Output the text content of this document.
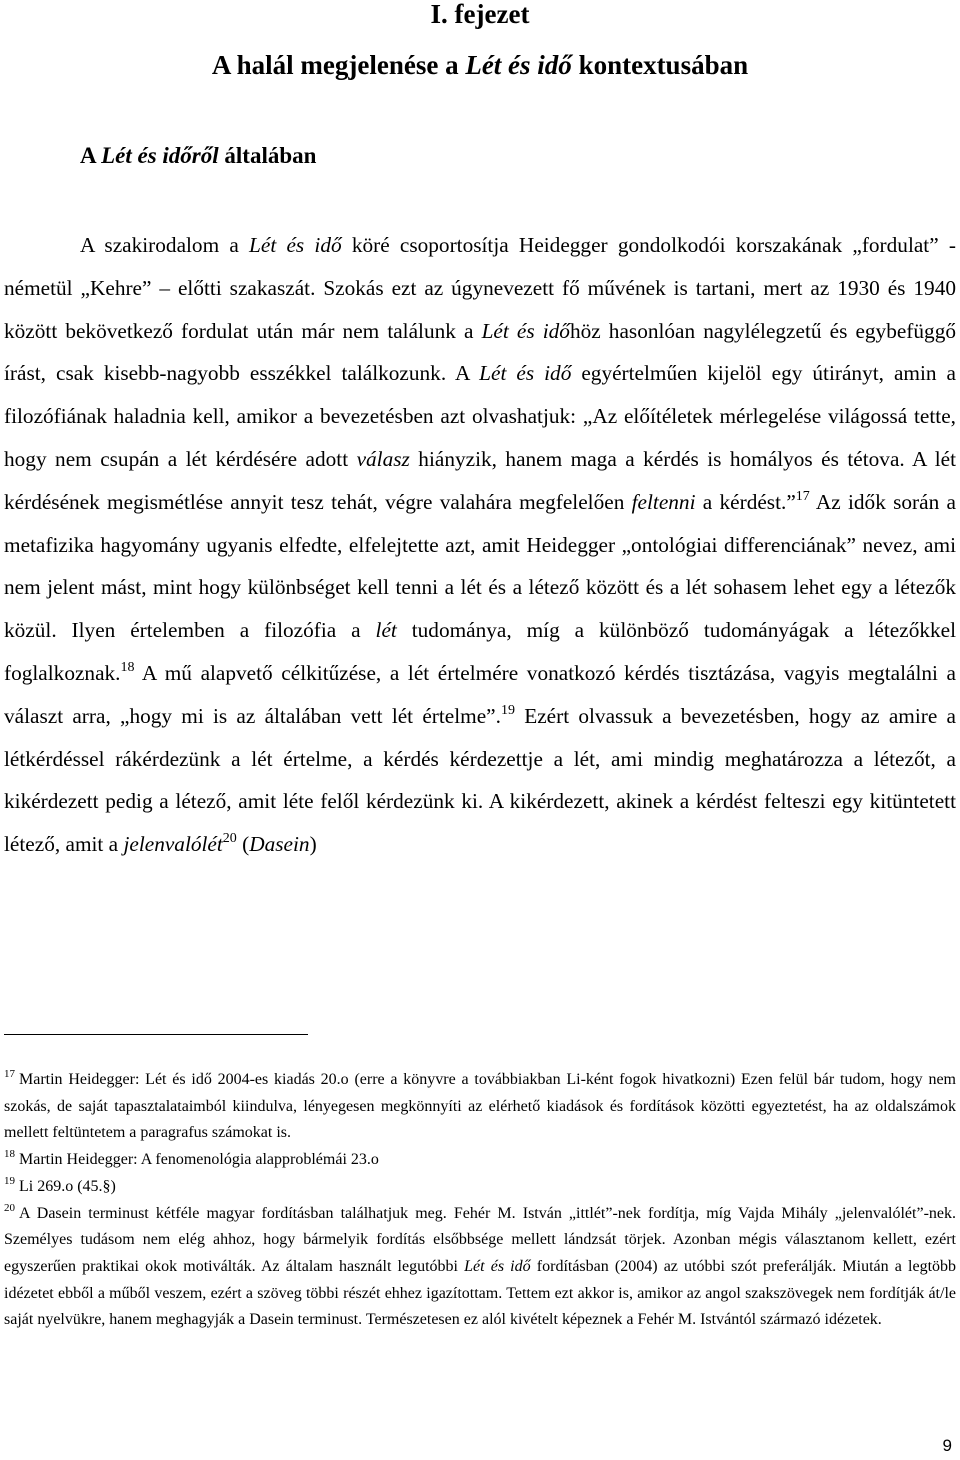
I. fejezet
A halál megjelenése a Lét és idő kontextusában
A Lét és időről általában

A szakirodalom a Lét és idő köré csoportosítja Heidegger gondolkodói korszakának „fordulat” - németül „Kehre” – előtti szakaszát. Szokás ezt az úgynevezett fő művének is tartani, mert az 1930 és 1940 között bekövetkező fordulat után már nem találunk a Lét és időhöz hasonlóan nagylélegzetű és egybefüggő írást, csak kisebb-nagyobb esszékkel találkozunk. A Lét és idő egyértelműen kijelöl egy útirányt, amin a filozófiának haladnia kell, amikor a bevezetésben azt olvashatjuk: „Az előítéletek mérlegelése világossá tette, hogy nem csupán a lét kérdésére adott válasz hiányzik, hanem maga a kérdés is homályos és tétova. A lét kérdésének megismétlése annyit tesz tehát, végre valahára megfelelően feltenni a kérdést.”$^{17}$ Az idők során a metafizika hagyomány ugyanis elfedte, elfelejtette azt, amit Heidegger „ontológiai differenciának” nevez, ami nem jelent mást, mint hogy különbséget kell tenni a lét és a létező között és a lét sohasem lehet egy a létezők közül. Ilyen értelemben a filozófia a lét tudománya, míg a különböző tudományágak a létezőkkel foglalkoznak.$^{18}$ A mű alapvető célkitűzése, a lét értelmére vonatkozó kérdés tisztázása, vagyis megtalálni a választ arra, „hogy mi is az általában vett lét értelme”.$^{19}$ Ezért olvassuk a bevezetésben, hogy az amire a létkérdéssel rákérdezünk a lét értelme, a kérdés kérdezettje a lét, ami mindig meghatározza a létezőt, a kikérdezett pedig a létező, amit léte felől kérdezünk ki. A kikérdezett, akinek a kérdést felteszi egy kitüntetett létező, amit a jelenvalólét$^{20}$ (Dasein)

$^{17}$ Martin Heidegger: Lét és idő 2004-es kiadás 20.o (erre a könyvre a továbbiakban Li-ként fogok hivatkozni) Ezen felül bár tudom, hogy nem szokás, de saját tapasztalataimból kiindulva, lényegesen megkönnyíti az elérhető kiadások és fordítások közötti egyeztetést, ha az oldalszámok mellett feltüntetem a paragrafus számokat is.

$^{18}$ Martin Heidegger: A fenomenológia alapproblémái 23.o

$^{19}$ Li 269.o (45.§)

$^{20}$ A Dasein terminust kétféle magyar fordításban találhatjuk meg. Fehér M. István „ittlét”-nek fordítja, míg Vajda Mihály „jelenvalólét”-nek. Személyes tudásom nem elég ahhoz, hogy bármelyik fordítás elsőbbsége mellett lándzsát törjek. Azonban mégis választanom kellett, ezért egyszerűen praktikai okok motiválták. Az általam használt legutóbbi Lét és idő fordításban (2004) az utóbbi szót preferálják. Miután a legtöbb idézetet ebből a műből veszem, ezért a szöveg többi részét ehhez igazítottam. Tettem ezt akkor is, amikor az angol szakszövegek nem fordítják át/le saját nyelvükre, hanem meghagyják a Dasein terminust. Természetesen ez alól kivételt képeznek a Fehér M. Istvántól származó idézetek.

9
